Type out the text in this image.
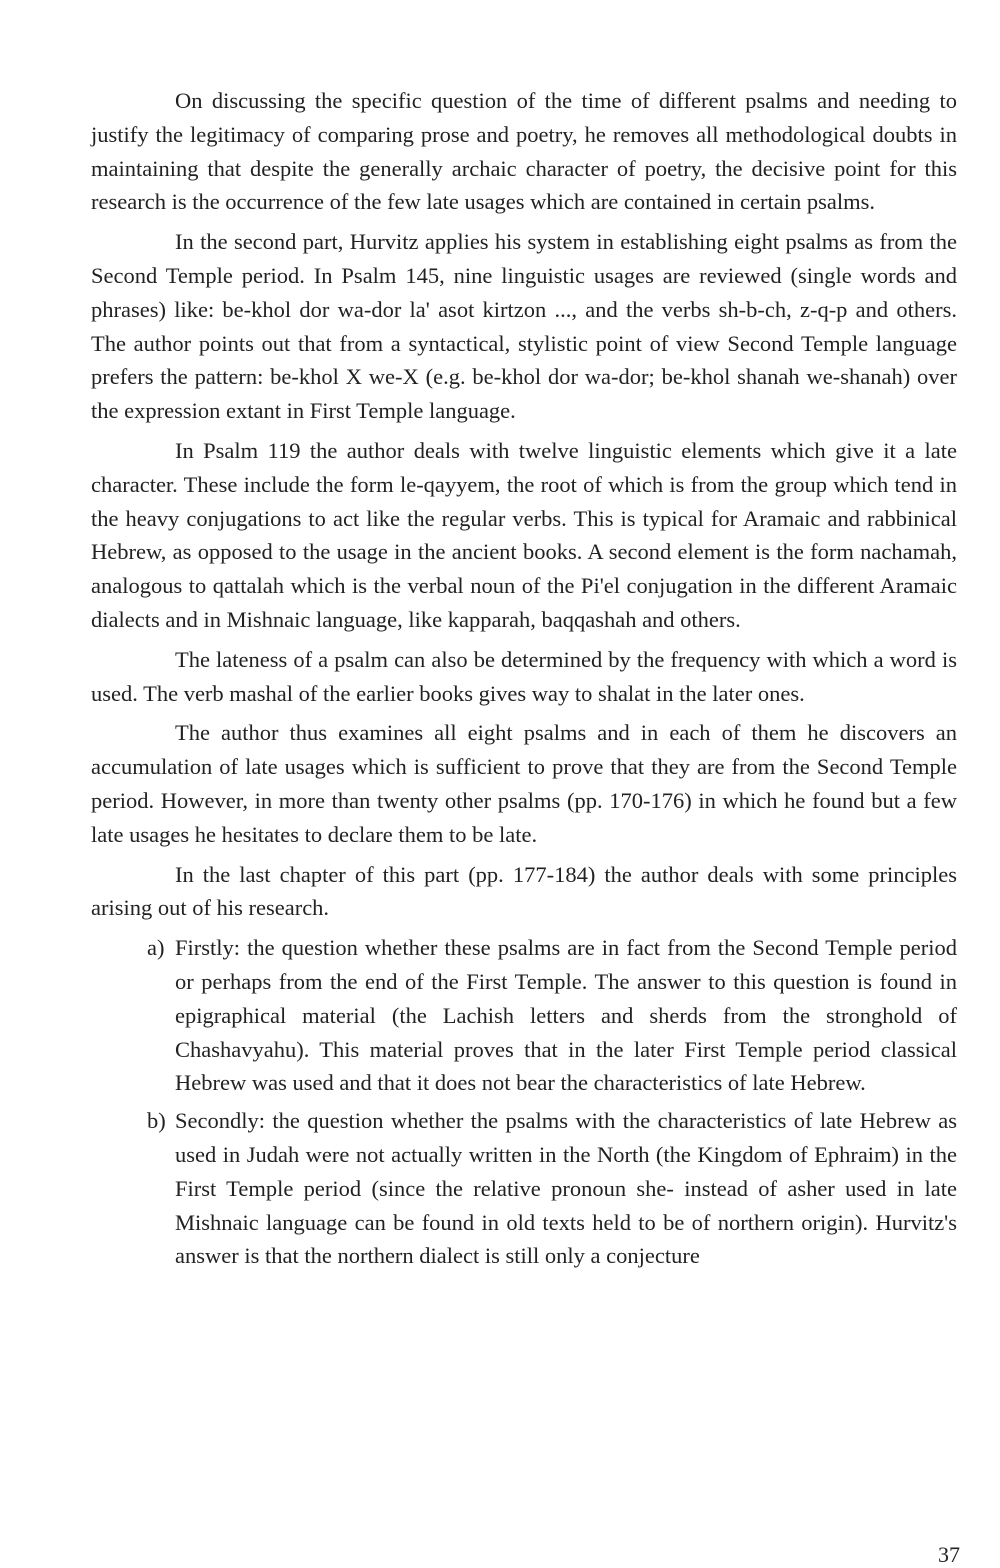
On discussing the specific question of the time of different psalms and needing to justify the legitimacy of comparing prose and poetry, he removes all methodological doubts in maintaining that despite the generally archaic character of poetry, the decisive point for this research is the occurrence of the few late usages which are contained in certain psalms.

In the second part, Hurvitz applies his system in establishing eight psalms as from the Second Temple period. In Psalm 145, nine linguistic usages are reviewed (single words and phrases) like: be-khol dor wa-dor la' asot kirtzon ..., and the verbs sh-b-ch, z-q-p and others. The author points out that from a syntactical, stylistic point of view Second Temple language prefers the pattern: be-khol X we-X (e.g. be-khol dor wa-dor; be-khol shanah we-shanah) over the expression extant in First Temple language.

In Psalm 119 the author deals with twelve linguistic elements which give it a late character. These include the form le-qayyem, the root of which is from the group which tend in the heavy conjugations to act like the regular verbs. This is typical for Aramaic and rabbinical Hebrew, as opposed to the usage in the ancient books. A second element is the form nachamah, analogous to qattalah which is the verbal noun of the Pi'el conjugation in the different Aramaic dialects and in Mishnaic language, like kapparah, baqqashah and others.

The lateness of a psalm can also be determined by the frequency with which a word is used. The verb mashal of the earlier books gives way to shalat in the later ones.

The author thus examines all eight psalms and in each of them he discovers an accumulation of late usages which is sufficient to prove that they are from the Second Temple period. However, in more than twenty other psalms (pp. 170-176) in which he found but a few late usages he hesitates to declare them to be late.

In the last chapter of this part (pp. 177-184) the author deals with some principles arising out of his research.

a) Firstly: the question whether these psalms are in fact from the Second Temple period or perhaps from the end of the First Temple. The answer to this question is found in epigraphical material (the Lachish letters and sherds from the stronghold of Chashavyahu). This material proves that in the later First Temple period classical Hebrew was used and that it does not bear the characteristics of late Hebrew.
b) Secondly: the question whether the psalms with the characteristics of late Hebrew as used in Judah were not actually written in the North (the Kingdom of Ephraim) in the First Temple period (since the relative pronoun she- instead of asher used in late Mishnaic language can be found in old texts held to be of northern origin). Hurvitz's answer is that the northern dialect is still only a conjecture
37
